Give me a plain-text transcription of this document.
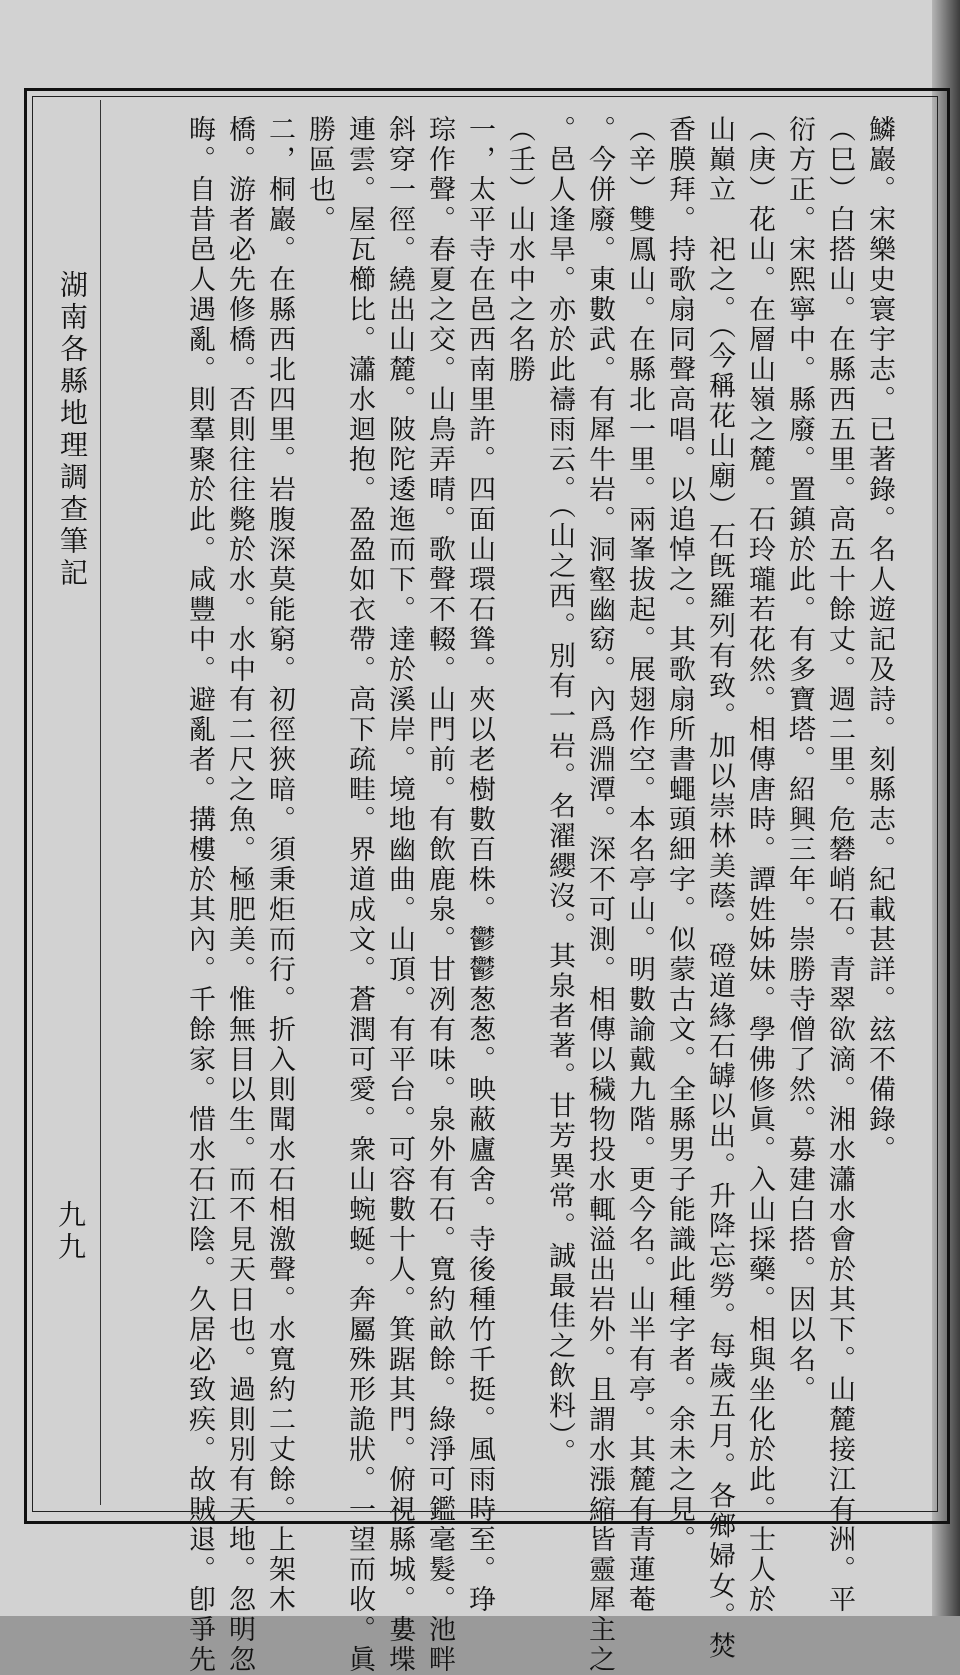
湖南各縣地理調查筆記
九九
鱗巖。宋樂史寰宇志。已著錄。名人遊記及詩。刻縣志。紀載甚詳。玆不備錄。
（巳）白搭山。在縣西五里。高五十餘丈。週二里。危礬峭石。青翠欲滴。湘水瀟水會於其下。山麓接江有洲。平
衍方正。宋熙寧中。縣廢。置鎮於此。有多寶塔。紹興三年。崇勝寺僧了然。募建白搭。因以名。
（庚）花山。在層山嶺之麓。石玲瓏若花然。相傳唐時。譚姓姊妹。學佛修眞。入山採藥。相與坐化於此。士人於
山巔立　祀之。（今稱花山廟）石旣羅列有致。加以崇林美蔭。磴道緣石罅以出。升降忘勞。每歲五月。各鄉婦女。焚
香膜拜。持歌扇同聲高唱。以追悼之。其歌扇所書蠅頭細字。似蒙古文。全縣男子能識此種字者。余未之見。
（辛）雙鳳山。在縣北一里。兩峯拔起。展翅作空。本名亭山。明數諭戴九階。更今名。山半有亭。其麓有青蓮菴
。今併廢。東數武。有犀牛岩。洞壑幽窈。內爲淵潭。深不可測。相傳以穢物投水輒溢出岩外。且謂水漲縮皆靈犀主之
。邑人逢旱。亦於此禱雨云。（山之西。別有一岩。名濯纓沒。其泉者著。甘芳異常。誠最佳之飲料）。
（壬）山水中之名勝
一，太平寺在邑西南里許。四面山環石聳。夾以老樹數百株。鬱鬱葱葱。映蔽廬舍。寺後種竹千挺。風雨時至。琤
琮作聲。春夏之交。山鳥弄晴。歌聲不輟。山門前。有飲鹿泉。甘冽有味。泉外有石。寬約畝餘。綠淨可鑑毫髮。池畔
斜穿一徑。繞出山麓。陂陀逶迤而下。達於溪岸。境地幽曲。山頂。有平台。可容數十人。箕踞其門。俯視縣城。婁堞
連雲。屋瓦櫛比。瀟水迴抱。盈盈如衣帶。高下疏畦。界道成文。蒼潤可愛。衆山蜿蜒。奔屬殊形詭狀。一望而收。眞
勝區也。
二，桐巖。在縣西北四里。岩腹深莫能窮。初徑狹暗。須秉炬而行。折入則聞水石相激聲。水寬約二丈餘。上架木
橋。游者必先修橋。否則往往斃於水。水中有二尺之魚。極肥美。惟無目以生。而不見天日也。過則別有天地。忽明忽
晦。自昔邑人遇亂。則羣聚於此。咸豐中。避亂者。搆樓於其內。千餘家。惜水石江陰。久居必致疾。故賊退。卽爭先
